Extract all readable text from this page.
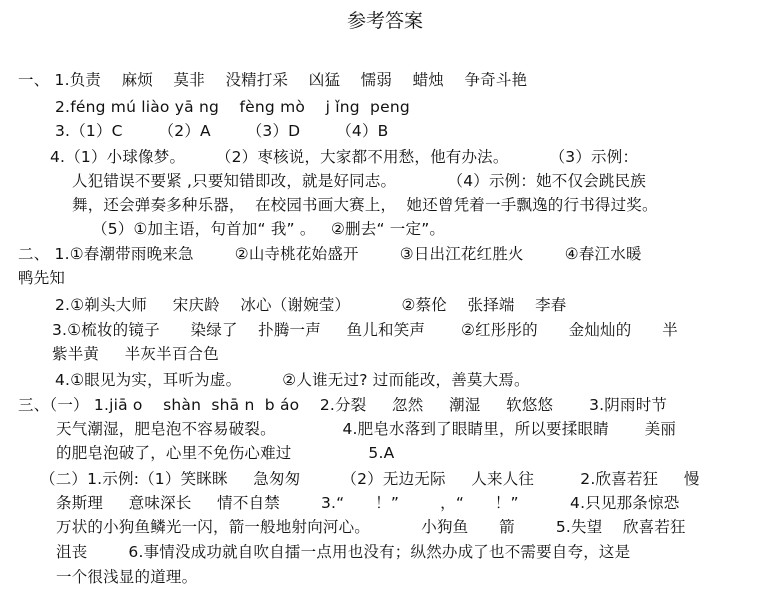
参考答案
一、 1.负责    麻烦    莫非    没精打采    凶猛    懦弱    蜡烛    争奇斗艳
2.féng mú liào yā ng    fèng mò    j ǐng  peng
3.（1）C       （2）A       （3）D       （4）B
4.（1）小球像梦。      （2）枣核说，大家都不用愁，他有办法。        （3）示例：
人犯错误不要紧 ,只要知错即改，就是好同志。          （4）示例：她不仅会跳民族
舞，还会弹奏多种乐器，  在校园书画大赛上，  她还曾凭着一手飘逸的行书得过奖。
（5）①加主语，句首加“ 我” 。   ②删去“ 一定”。
二、 1.①春潮带雨晚来急        ②山寺桃花始盛开        ③日出江花红胜火        ④春江水暖
鸭先知
2.①剃头大师     宋庆龄    冰心（谢婉莹）          ②蔡伦    张择端    李春
3.①梳妆的镜子      染绿了    扑腾一声     鱼儿和笑声       ②红彤彤的      金灿灿的      半
紫半黄     半灰半百合色
4.①眼见为实，耳听为虚。        ②人谁无过? 过而能改，善莫大焉。
三、（一） 1.jiā o    shàn  shā n  b áo    2.分裂     忽然     潮湿     软悠悠       3.阴雨时节
天气潮湿，肥皂泡不容易破裂。             4.肥皂水落到了眼睛里，所以要揉眼睛       美丽
的肥皂泡破了，心里不免伤心难过               5.A
（二）1.示例:（1）笑眯眯     急匆匆        （2）无边无际     人来人往         2.欣喜若狂     慢
条斯理     意味深长     情不自禁        3.“      ！”        ，“      ！”          4.只见那条惊恐
万状的小狗鱼鳞光一闪，箭一般地射向河心。          小狗鱼      箭        5.失望    欣喜若狂
沮丧        6.事情没成功就自吹自擂一点用也没有；纵然办成了也不需要自夸，这是
一个很浅显的道理。
